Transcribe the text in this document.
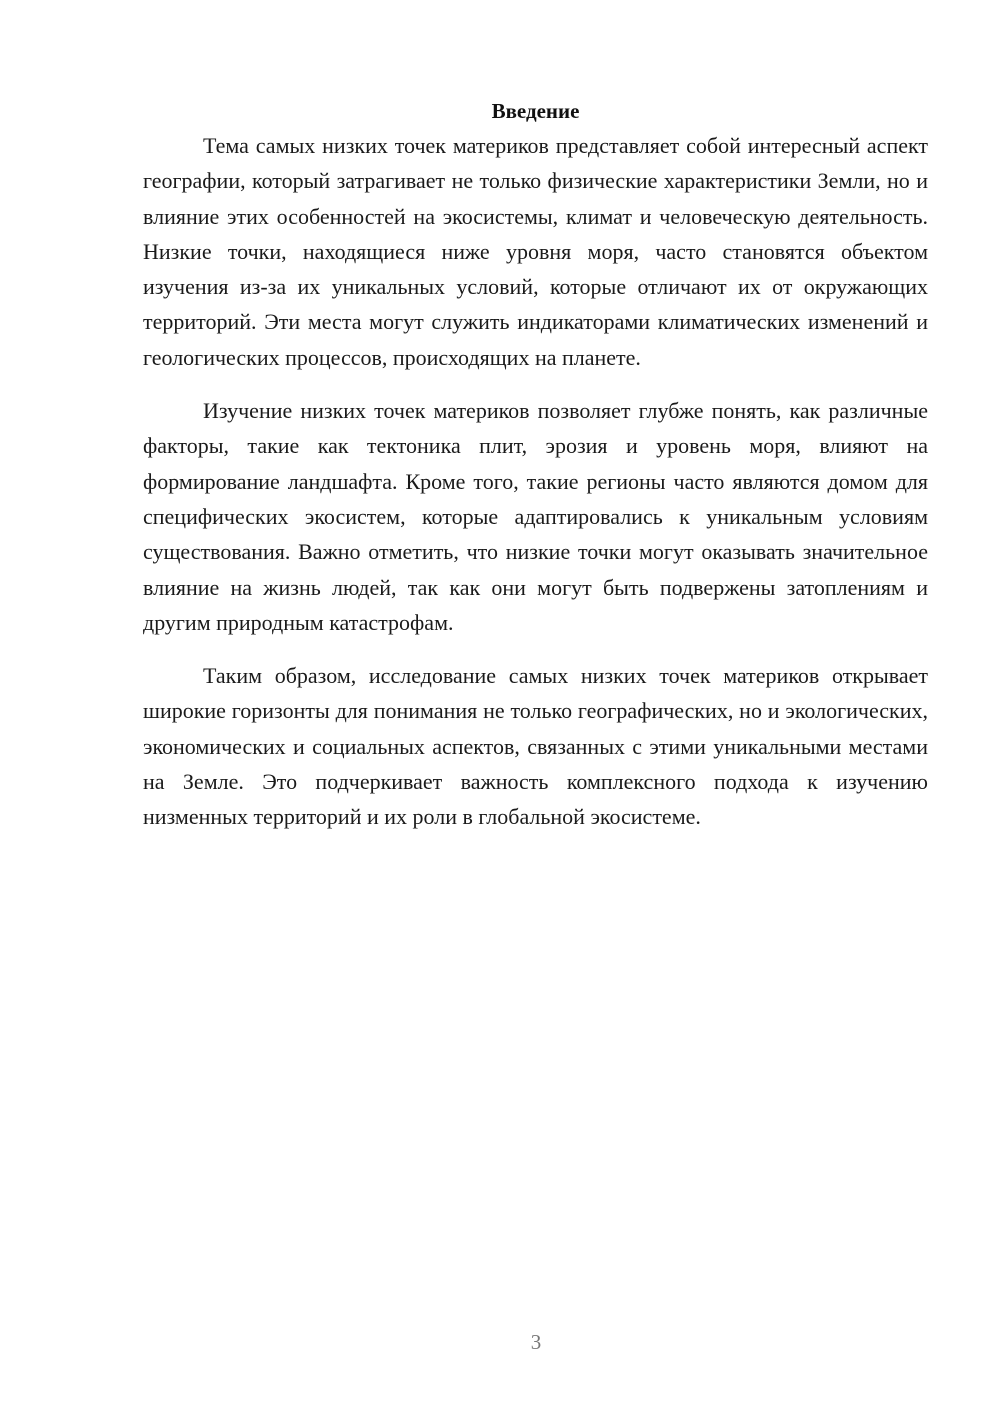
Введение

Тема самых низких точек материков представляет собой интересный аспект географии, который затрагивает не только физические характеристики Земли, но и влияние этих особенностей на экосистемы, климат и человеческую деятельность. Низкие точки, находящиеся ниже уровня моря, часто становятся объектом изучения из-за их уникальных условий, которые отличают их от окружающих территорий. Эти места могут служить индикаторами климатических изменений и геологических процессов, происходящих на планете.

Изучение низких точек материков позволяет глубже понять, как различные факторы, такие как тектоника плит, эрозия и уровень моря, влияют на формирование ландшафта. Кроме того, такие регионы часто являются домом для специфических экосистем, которые адаптировались к уникальным условиям существования. Важно отметить, что низкие точки могут оказывать значительное влияние на жизнь людей, так как они могут быть подвержены затоплениям и другим природным катастрофам.

Таким образом, исследование самых низких точек материков открывает широкие горизонты для понимания не только географических, но и экологических, экономических и социальных аспектов, связанных с этими уникальными местами на Земле. Это подчеркивает важность комплексного подхода к изучению низменных территорий и их роли в глобальной экосистеме.

3
